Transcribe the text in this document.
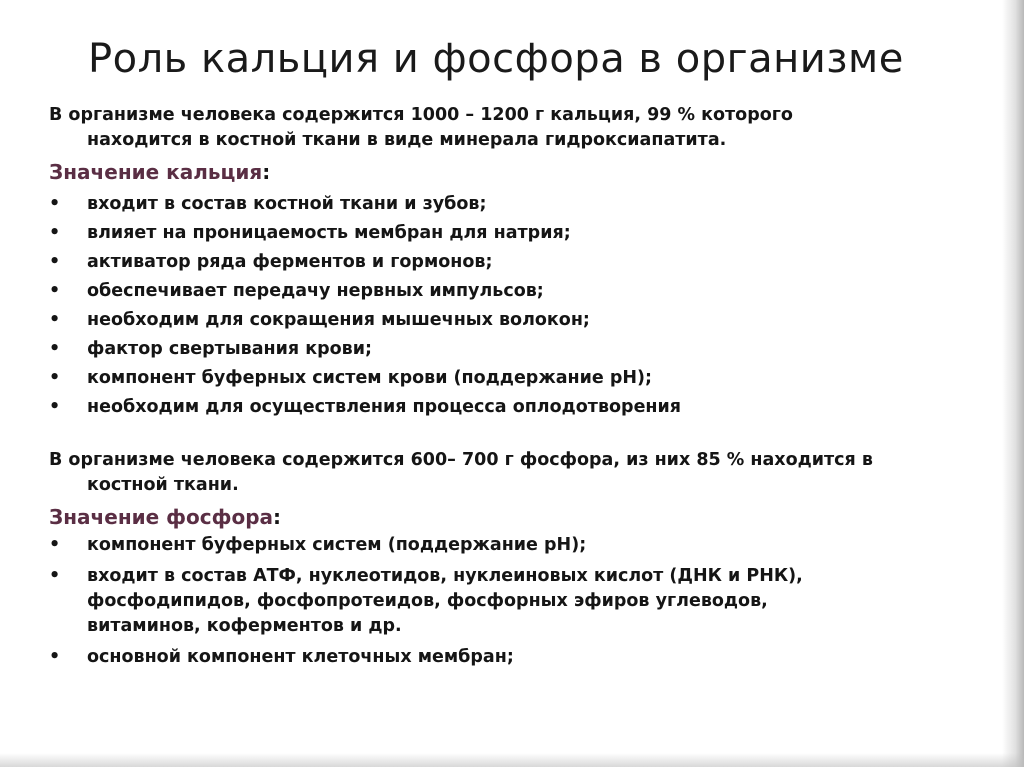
Роль кальция и фосфора в организме
В организме человека содержится 1000 – 1200 г кальция, 99 % которого
находится в костной ткани в виде минерала гидроксиапатита.
Значение кальция:
•	входит в состав костной ткани и зубов;
•	влияет на проницаемость мембран для натрия;
•	активатор ряда ферментов и гормонов;
•	обеспечивает передачу нервных импульсов;
•	необходим для сокращения мышечных волокон;
•	фактор свертывания крови;
•	компонент буферных систем крови (поддержание pH);
•	необходим для осуществления процесса оплодотворения
В организме человека содержится 600– 700 г фосфора, из них 85 % находится в
костной ткани.
Значение фосфора:
•	компонент буферных систем (поддержание pH);
•	входит в состав АТФ, нуклеотидов, нуклеиновых кислот (ДНК и РНК),
фосфодипидов, фосфопротеидов, фосфорных эфиров углеводов,
витаминов, коферментов и др.
•	основной компонент клеточных мембран;
